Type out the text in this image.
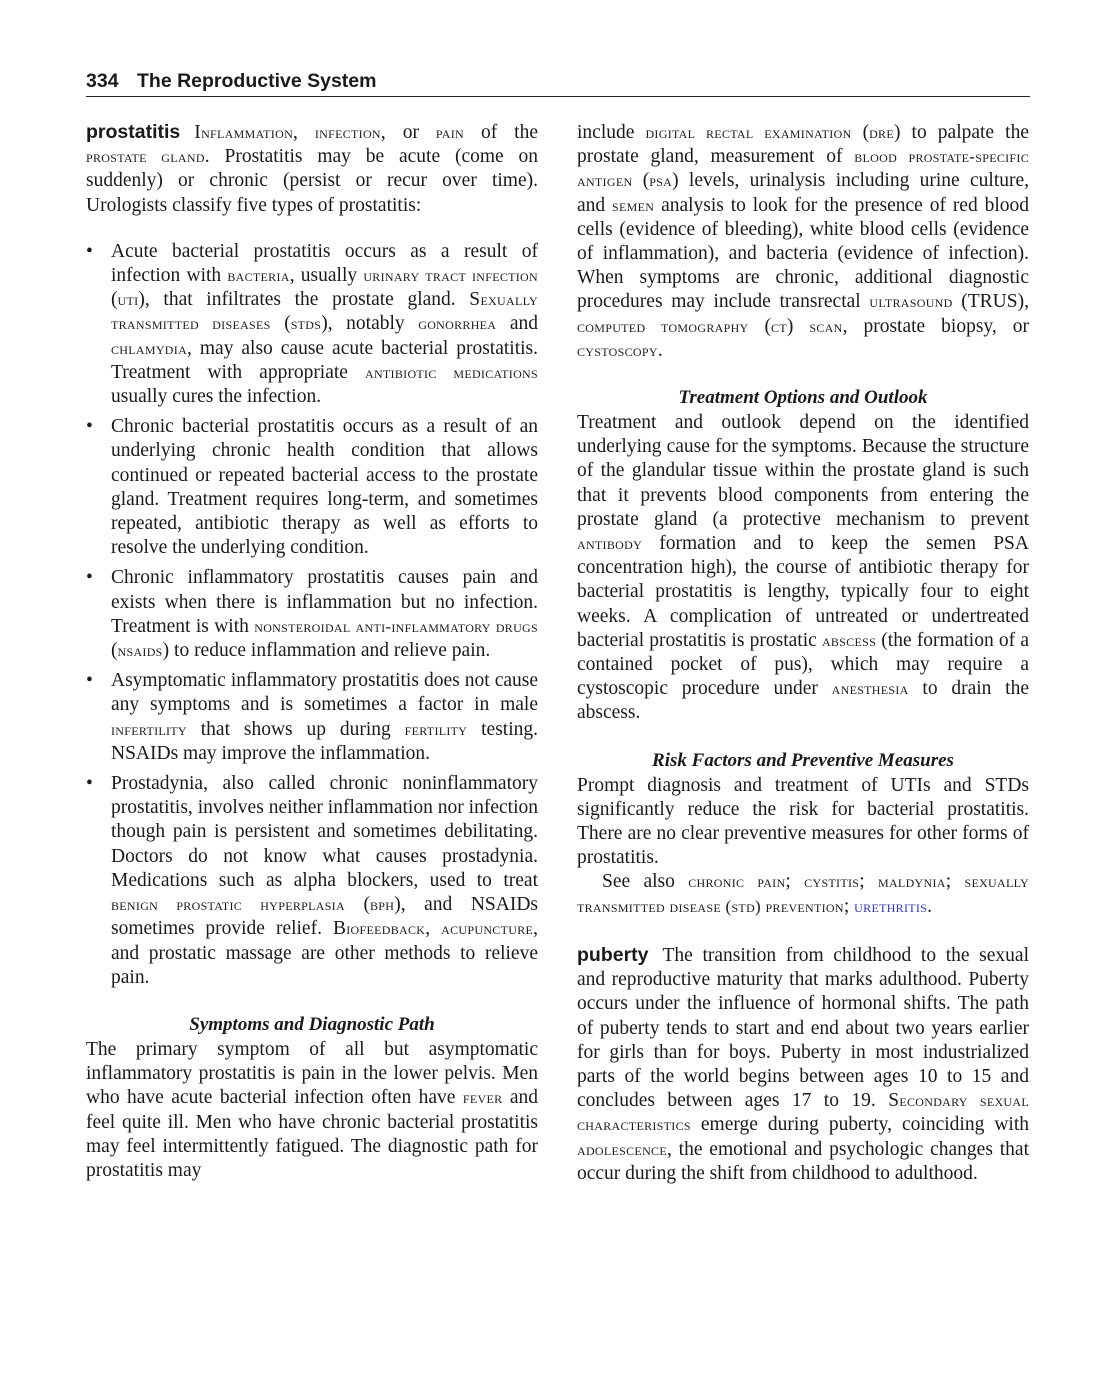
334 The Reproductive System

prostatitis Inflammation, infection, or pain of the prostate gland. Prostatitis may be acute (come on suddenly) or chronic (persist or recur over time). Urologists classify five types of prostatitis:

• Acute bacterial prostatitis occurs as a result of infection with bacteria, usually urinary tract infection (uti), that infiltrates the prostate gland. Sexually transmitted diseases (stds), notably gonorrhea and chlamydia, may also cause acute bacterial prostatitis. Treatment with appropriate antibiotic medications usually cures the infection.
• Chronic bacterial prostatitis occurs as a result of an underlying chronic health condition that allows continued or repeated bacterial access to the prostate gland. Treatment requires long-term, and sometimes repeated, antibiotic therapy as well as efforts to resolve the underlying condition.
• Chronic inflammatory prostatitis causes pain and exists when there is inflammation but no infection. Treatment is with nonsteroidal anti-inflammatory drugs (nsaids) to reduce inflammation and relieve pain.
• Asymptomatic inflammatory prostatitis does not cause any symptoms and is sometimes a factor in male infertility that shows up during fertility testing. NSAIDs may improve the inflammation.
• Prostadynia, also called chronic noninflammatory prostatitis, involves neither inflammation nor infection though pain is persistent and sometimes debilitating. Doctors do not know what causes prostadynia. Medications such as alpha blockers, used to treat benign prostatic hyperplasia (bph), and NSAIDs sometimes provide relief. Biofeedback, acupuncture, and prostatic massage are other methods to relieve pain.
Symptoms and Diagnostic Path

The primary symptom of all but asymptomatic inflammatory prostatitis is pain in the lower pelvis. Men who have acute bacterial infection often have fever and feel quite ill. Men who have chronic bacterial prostatitis may feel intermittently fatigued. The diagnostic path for prostatitis may

include digital rectal examination (dre) to palpate the prostate gland, measurement of blood prostate-specific antigen (psa) levels, urinalysis including urine culture, and semen analysis to look for the presence of red blood cells (evidence of bleeding), white blood cells (evidence of inflammation), and bacteria (evidence of infection). When symptoms are chronic, additional diagnostic procedures may include transrectal ultrasound (TRUS), computed tomography (ct) scan, prostate biopsy, or cystoscopy.

Treatment Options and Outlook

Treatment and outlook depend on the identified underlying cause for the symptoms. Because the structure of the glandular tissue within the prostate gland is such that it prevents blood components from entering the prostate gland (a protective mechanism to prevent antibody formation and to keep the semen PSA concentration high), the course of antibiotic therapy for bacterial prostatitis is lengthy, typically four to eight weeks. A complication of untreated or undertreated bacterial prostatitis is prostatic abscess (the formation of a contained pocket of pus), which may require a cystoscopic procedure under anesthesia to drain the abscess.

Risk Factors and Preventive Measures

Prompt diagnosis and treatment of UTIs and STDs significantly reduce the risk for bacterial prostatitis. There are no clear preventive measures for other forms of prostatitis.

See also chronic pain; cystitis; maldynia; sexually transmitted disease (std) prevention; urethritis.

puberty The transition from childhood to the sexual and reproductive maturity that marks adulthood. Puberty occurs under the influence of hormonal shifts. The path of puberty tends to start and end about two years earlier for girls than for boys. Puberty in most industrialized parts of the world begins between ages 10 to 15 and concludes between ages 17 to 19. Secondary sexual characteristics emerge during puberty, coinciding with adolescence, the emotional and psychologic changes that occur during the shift from childhood to adulthood.
